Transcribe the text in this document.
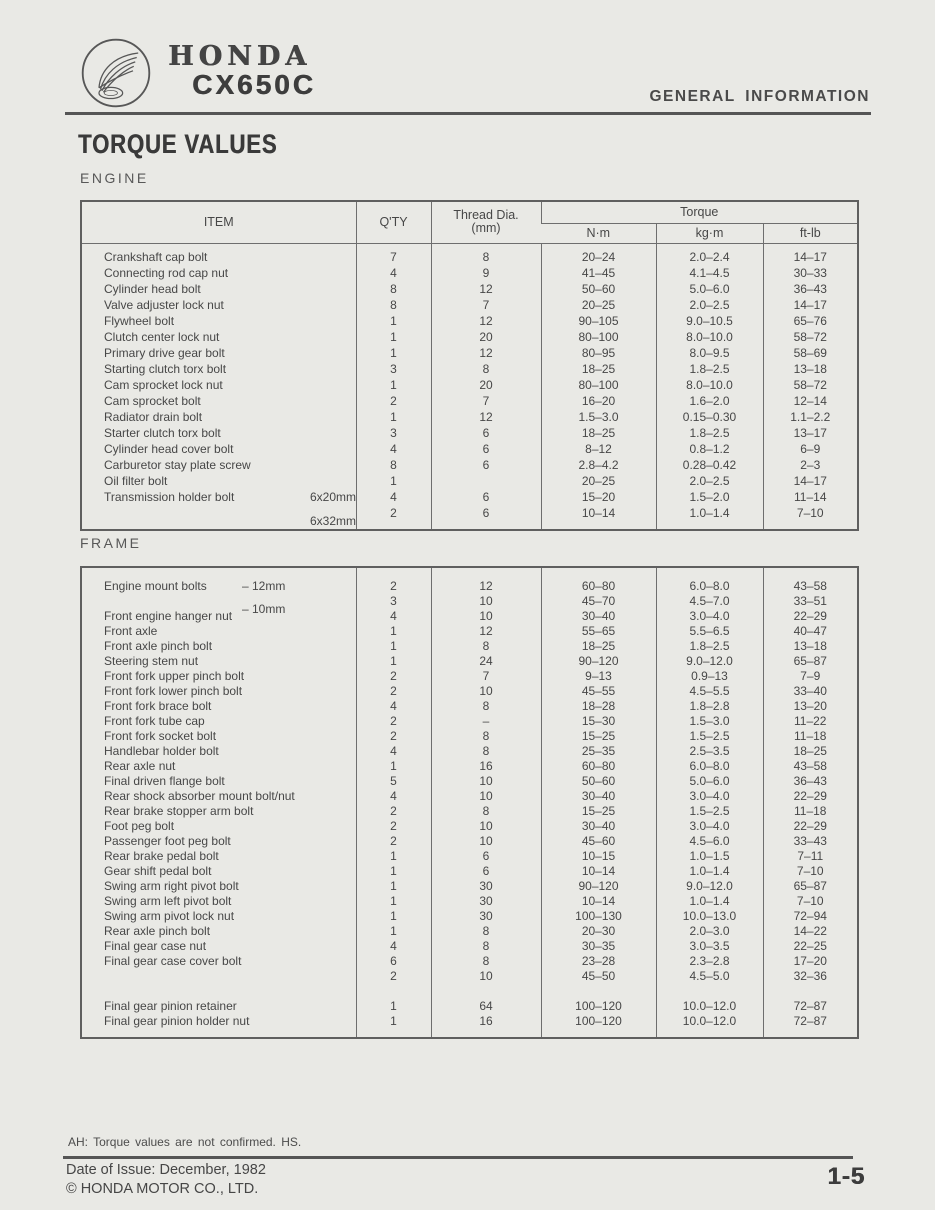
HONDA
CX650C	GENERAL INFORMATION
TORQUE VALUES
ENGINE
ITEM	Q'TY	Thread Dia.
(mm)	Torque		
			N·m	kg·m	ft-lb
Crankshaft cap bolt	7	8	20–24	2.0–2.4	14–17
Connecting rod cap nut	4	9	41–45	4.1–4.5	30–33
Cylinder head bolt	8	12	50–60	5.0–6.0	36–43
Valve adjuster lock nut	8	7	20–25	2.0–2.5	14–17
Flywheel bolt	1	12	90–105	9.0–10.5	65–76
Clutch center lock nut	1	20	80–100	8.0–10.0	58–72
Primary drive gear bolt	1	12	80–95	8.0–9.5	58–69
Starting clutch torx bolt	3	8	18–25	1.8–2.5	13–18
Cam sprocket lock nut	1	20	80–100	8.0–10.0	58–72
Cam sprocket bolt	2	7	16–20	1.6–2.0	12–14
Radiator drain bolt	1	12	1.5–3.0	0.15–0.30	1.1–2.2
Starter clutch torx bolt	3	6	18–25	1.8–2.5	13–17
Cylinder head cover bolt	4	6	8–12	0.8–1.2	6–9
Carburetor stay plate screw	8	6	2.8–4.2	0.28–0.42	2–3
Oil filter bolt	1		20–25	2.0–2.5	14–17
Transmission holder bolt 6x20mm	4	6	15–20	1.5–2.0	11–14

6x32mm	2	6	10–14	1.0–1.4	7–10
FRAME
Engine mount bolts – 12mm	2	12	60–80	6.0–8.0	43–58

– 10mm	3	10	45–70	4.5–7.0	33–51
Front engine hanger nut	4	10	30–40	3.0–4.0	22–29
Front axle	1	12	55–65	5.5–6.5	40–47
Front axle pinch bolt	1	8	18–25	1.8–2.5	13–18
Steering stem nut	1	24	90–120	9.0–12.0	65–87
Front fork upper pinch bolt	2	7	9–13	0.9–13	7–9
Front fork lower pinch bolt	2	10	45–55	4.5–5.5	33–40
Front fork brace bolt	4	8	18–28	1.8–2.8	13–20
Front fork tube cap	2	–	15–30	1.5–3.0	11–22
Front fork socket bolt	2	8	15–25	1.5–2.5	11–18
Handlebar holder bolt	4	8	25–35	2.5–3.5	18–25
Rear axle nut	1	16	60–80	6.0–8.0	43–58
Final driven flange bolt	5	10	50–60	5.0–6.0	36–43
Rear shock absorber mount bolt/nut	4	10	30–40	3.0–4.0	22–29
Rear brake stopper arm bolt	2	8	15–25	1.5–2.5	11–18
Foot peg bolt	2	10	30–40	3.0–4.0	22–29
Passenger foot peg bolt	2	10	45–60	4.5–6.0	33–43
Rear brake pedal bolt	1	6	10–15	1.0–1.5	7–11
Gear shift pedal bolt	1	6	10–14	1.0–1.4	7–10
Swing arm right pivot bolt	1	30	90–120	9.0–12.0	65–87
Swing arm left pivot bolt	1	30	10–14	1.0–1.4	7–10
Swing arm pivot lock nut	1	30	100–130	10.0–13.0	72–94
Rear axle pinch bolt	1	8	20–30	2.0–3.0	14–22
Final gear case nut	4	8	30–35	3.0–3.5	22–25
Final gear case cover bolt	6	8	23–28	2.3–2.8	17–20
	2	10	45–50	4.5–5.0	32–36

Final gear pinion retainer	1	64	100–120	10.0–12.0	72–87
Final gear pinion holder nut	1	16	100–120	10.0–12.0	72–87
AH: Torque values are not confirmed. HS.
Date of Issue: December, 1982
© HONDA MOTOR CO., LTD.	1-5
